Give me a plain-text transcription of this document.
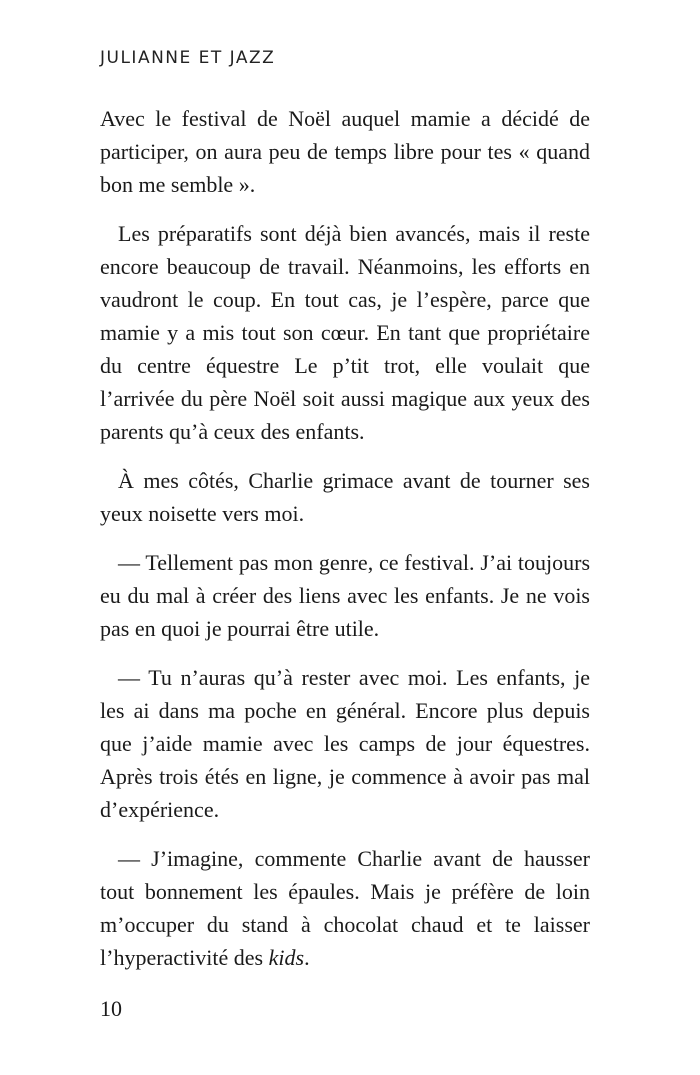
JULIANNE ET JAZZ

Avec le festival de Noël auquel mamie a décidé de participer, on aura peu de temps libre pour tes « quand bon me semble ».

Les préparatifs sont déjà bien avancés, mais il reste encore beaucoup de travail. Néanmoins, les efforts en vaudront le coup. En tout cas, je l’espère, parce que mamie y a mis tout son cœur. En tant que propriétaire du centre équestre Le p’tit trot, elle voulait que l’arrivée du père Noël soit aussi magique aux yeux des parents qu’à ceux des enfants.

À mes côtés, Charlie grimace avant de tourner ses yeux noisette vers moi.

— Tellement pas mon genre, ce festival. J’ai toujours eu du mal à créer des liens avec les enfants. Je ne vois pas en quoi je pourrai être utile.

— Tu n’auras qu’à rester avec moi. Les enfants, je les ai dans ma poche en général. Encore plus depuis que j’aide mamie avec les camps de jour équestres. Après trois étés en ligne, je commence à avoir pas mal d’expérience.

— J’imagine, commente Charlie avant de hausser tout bonnement les épaules. Mais je préfère de loin m’occuper du stand à chocolat chaud et te laisser l’hyperactivité des kids.

10
